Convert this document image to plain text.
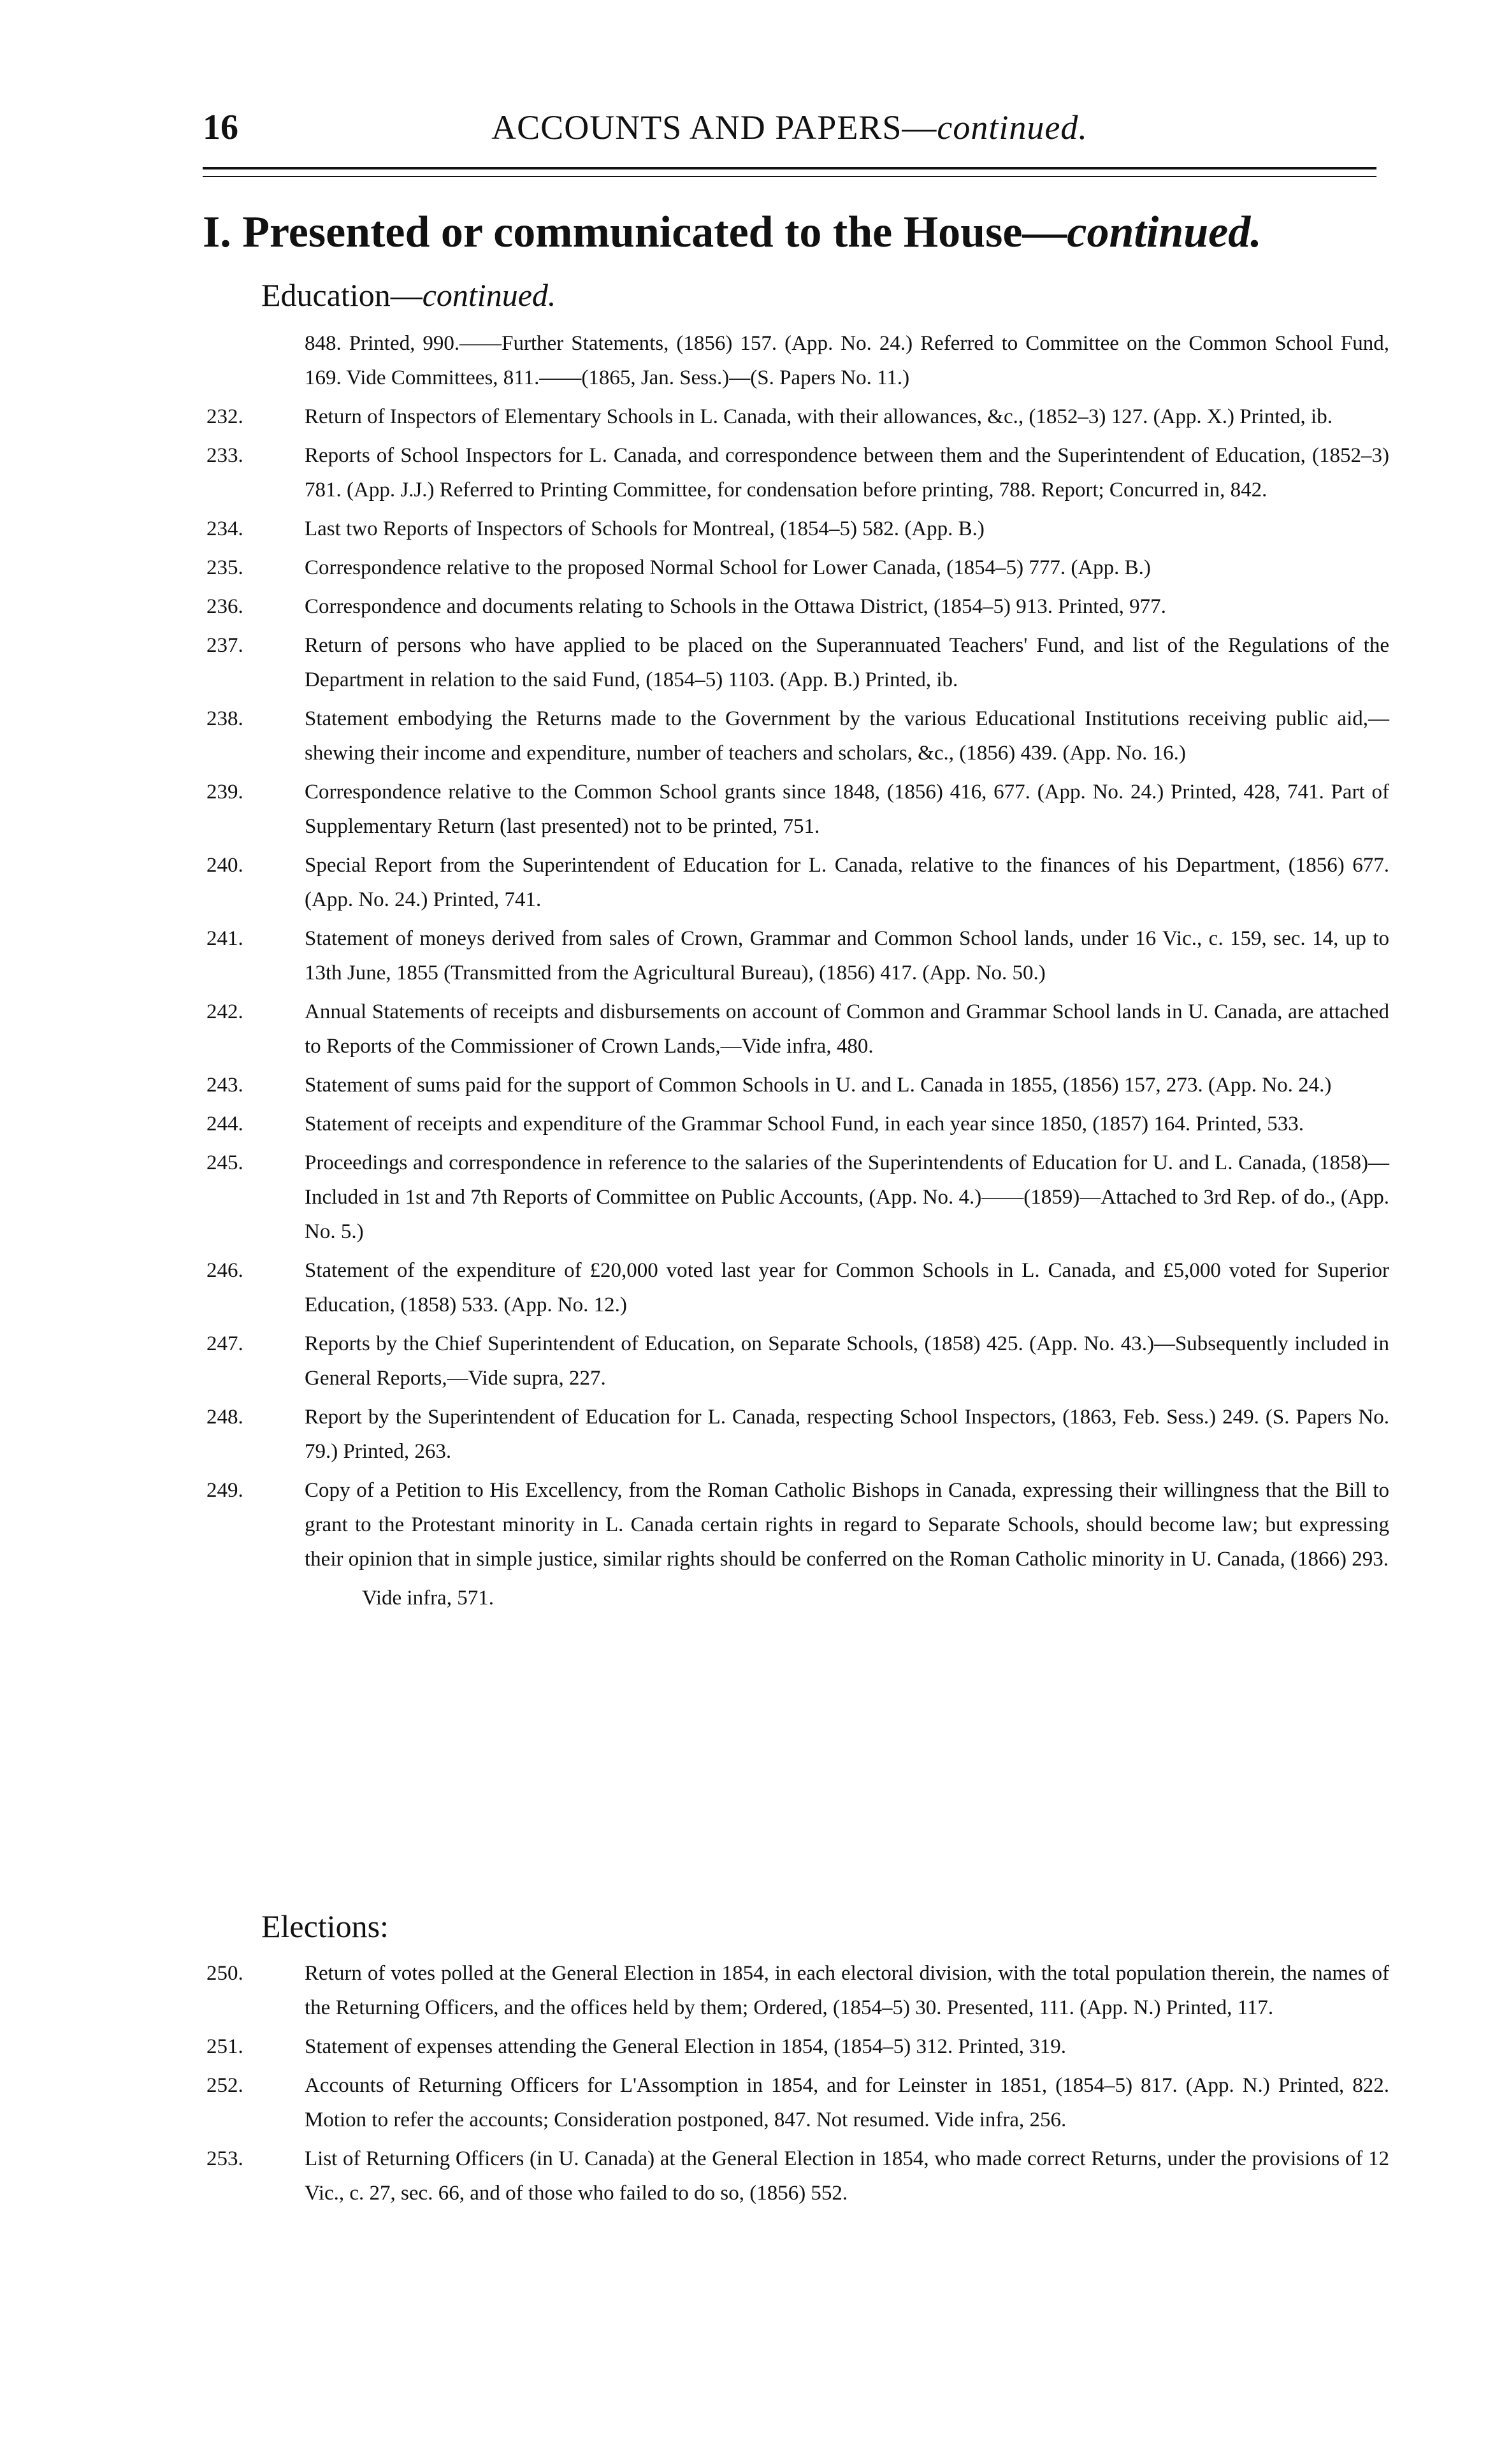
16	ACCOUNTS AND PAPERS—continued.
I. Presented or communicated to the House—continued.
Education—continued.
848. Printed, 990.——Further Statements, (1856) 157. (App. No. 24.) Referred to Committee on the Common School Fund, 169. Vide Committees, 811.——(1865, Jan. Sess.)—(S. Papers No. 11.)
232.	Return of Inspectors of Elementary Schools in L. Canada, with their allowances, &c., (1852–3) 127. (App. X.) Printed, ib.
233.	Reports of School Inspectors for L. Canada, and correspondence between them and the Superintendent of Education, (1852–3) 781. (App. J.J.) Referred to Printing Committee, for condensation before printing, 788. Report; Concurred in, 842.
234.	Last two Reports of Inspectors of Schools for Montreal, (1854–5) 582. (App. B.)
235.	Correspondence relative to the proposed Normal School for Lower Canada, (1854–5) 777. (App. B.)
236.	Correspondence and documents relating to Schools in the Ottawa District, (1854–5) 913. Printed, 977.
237.	Return of persons who have applied to be placed on the Superannuated Teachers' Fund, and list of the Regulations of the Department in relation to the said Fund, (1854–5) 1103. (App. B.) Printed, ib.
238.	Statement embodying the Returns made to the Government by the various Educational Institutions receiving public aid,—shewing their income and expenditure, number of teachers and scholars, &c., (1856) 439. (App. No. 16.)
239.	Correspondence relative to the Common School grants since 1848, (1856) 416, 677. (App. No. 24.) Printed, 428, 741. Part of Supplementary Return (last presented) not to be printed, 751.
240.	Special Report from the Superintendent of Education for L. Canada, relative to the finances of his Department, (1856) 677. (App. No. 24.) Printed, 741.
241.	Statement of moneys derived from sales of Crown, Grammar and Common School lands, under 16 Vic., c. 159, sec. 14, up to 13th June, 1855 (Transmitted from the Agricultural Bureau), (1856) 417. (App. No. 50.)
242.	Annual Statements of receipts and disbursements on account of Common and Grammar School lands in U. Canada, are attached to Reports of the Commissioner of Crown Lands,—Vide infra, 480.
243.	Statement of sums paid for the support of Common Schools in U. and L. Canada in 1855, (1856) 157, 273. (App. No. 24.)
244.	Statement of receipts and expenditure of the Grammar School Fund, in each year since 1850, (1857) 164. Printed, 533.
245.	Proceedings and correspondence in reference to the salaries of the Superintendents of Education for U. and L. Canada, (1858)—Included in 1st and 7th Reports of Committee on Public Accounts, (App. No. 4.)——(1859)—Attached to 3rd Rep. of do., (App. No. 5.)
246.	Statement of the expenditure of £20,000 voted last year for Common Schools in L. Canada, and £5,000 voted for Superior Education, (1858) 533. (App. No. 12.)
247.	Reports by the Chief Superintendent of Education, on Separate Schools, (1858) 425. (App. No. 43.)—Subsequently included in General Reports,—Vide supra, 227.
248.	Report by the Superintendent of Education for L. Canada, respecting School Inspectors, (1863, Feb. Sess.) 249. (S. Papers No. 79.) Printed, 263.
249.	Copy of a Petition to His Excellency, from the Roman Catholic Bishops in Canada, expressing their willingness that the Bill to grant to the Protestant minority in L. Canada certain rights in regard to Separate Schools, should become law; but expressing their opinion that in simple justice, similar rights should be conferred on the Roman Catholic minority in U. Canada, (1866) 293.
Vide infra, 571.
Elections:
250.	Return of votes polled at the General Election in 1854, in each electoral division, with the total population therein, the names of the Returning Officers, and the offices held by them; Ordered, (1854–5) 30. Presented, 111. (App. N.) Printed, 117.
251.	Statement of expenses attending the General Election in 1854, (1854–5) 312. Printed, 319.
252.	Accounts of Returning Officers for L'Assomption in 1854, and for Leinster in 1851, (1854–5) 817. (App. N.) Printed, 822. Motion to refer the accounts; Consideration postponed, 847. Not resumed. Vide infra, 256.
253.	List of Returning Officers (in U. Canada) at the General Election in 1854, who made correct Returns, under the provisions of 12 Vic., c. 27, sec. 66, and of those who failed to do so, (1856) 552.
